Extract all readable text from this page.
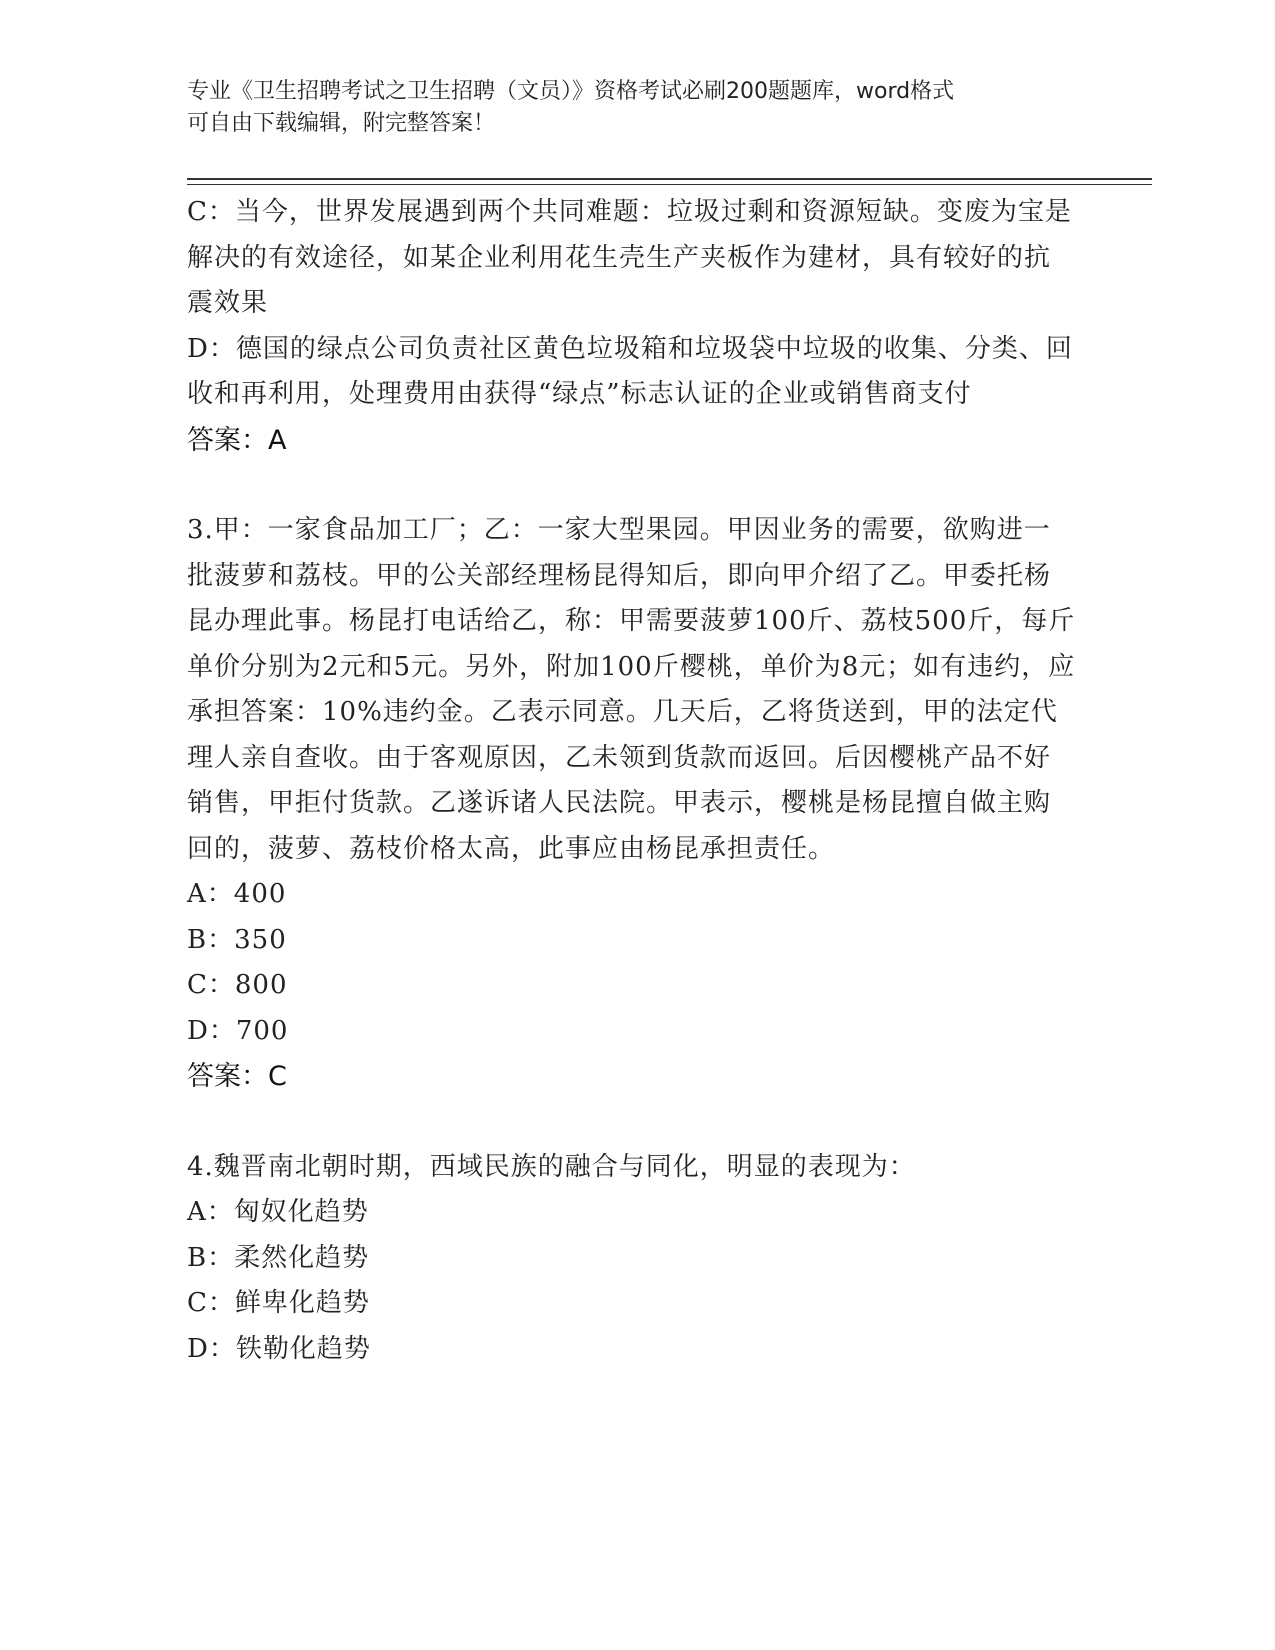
专业《卫生招聘考试之卫生招聘（文员）》资格考试必刷200题题库，word格式
可自由下载编辑，附完整答案！

C：当今，世界发展遇到两个共同难题：垃圾过剩和资源短缺。变废为宝是解决的有效途径，如某企业利用花生壳生产夹板作为建材，具有较好的抗震效果

D：德国的绿点公司负责社区黄色垃圾箱和垃圾袋中垃圾的收集、分类、回收和再利用，处理费用由获得“绿点”标志认证的企业或销售商支付

答案：A

3.甲：一家食品加工厂；乙：一家大型果园。甲因业务的需要，欲购进一批菠萝和荔枝。甲的公关部经理杨昆得知后，即向甲介绍了乙。甲委托杨昆办理此事。杨昆打电话给乙，称：甲需要菠萝100斤、荔枝500斤，每斤单价分别为2元和5元。另外，附加100斤樱桃，单价为8元；如有违约，应承担答案：10%违约金。乙表示同意。几天后，乙将货送到，甲的法定代理人亲自查收。由于客观原因，乙未领到货款而返回。后因樱桃产品不好销售，甲拒付货款。乙遂诉诸人民法院。甲表示，樱桃是杨昆擅自做主购回的，菠萝、荔枝价格太高，此事应由杨昆承担责任。

A：400

B：350

C：800

D：700

答案：C

4.魏晋南北朝时期，西域民族的融合与同化，明显的表现为：

A：匈奴化趋势

B：柔然化趋势

C：鲜卑化趋势

D：铁勒化趋势
